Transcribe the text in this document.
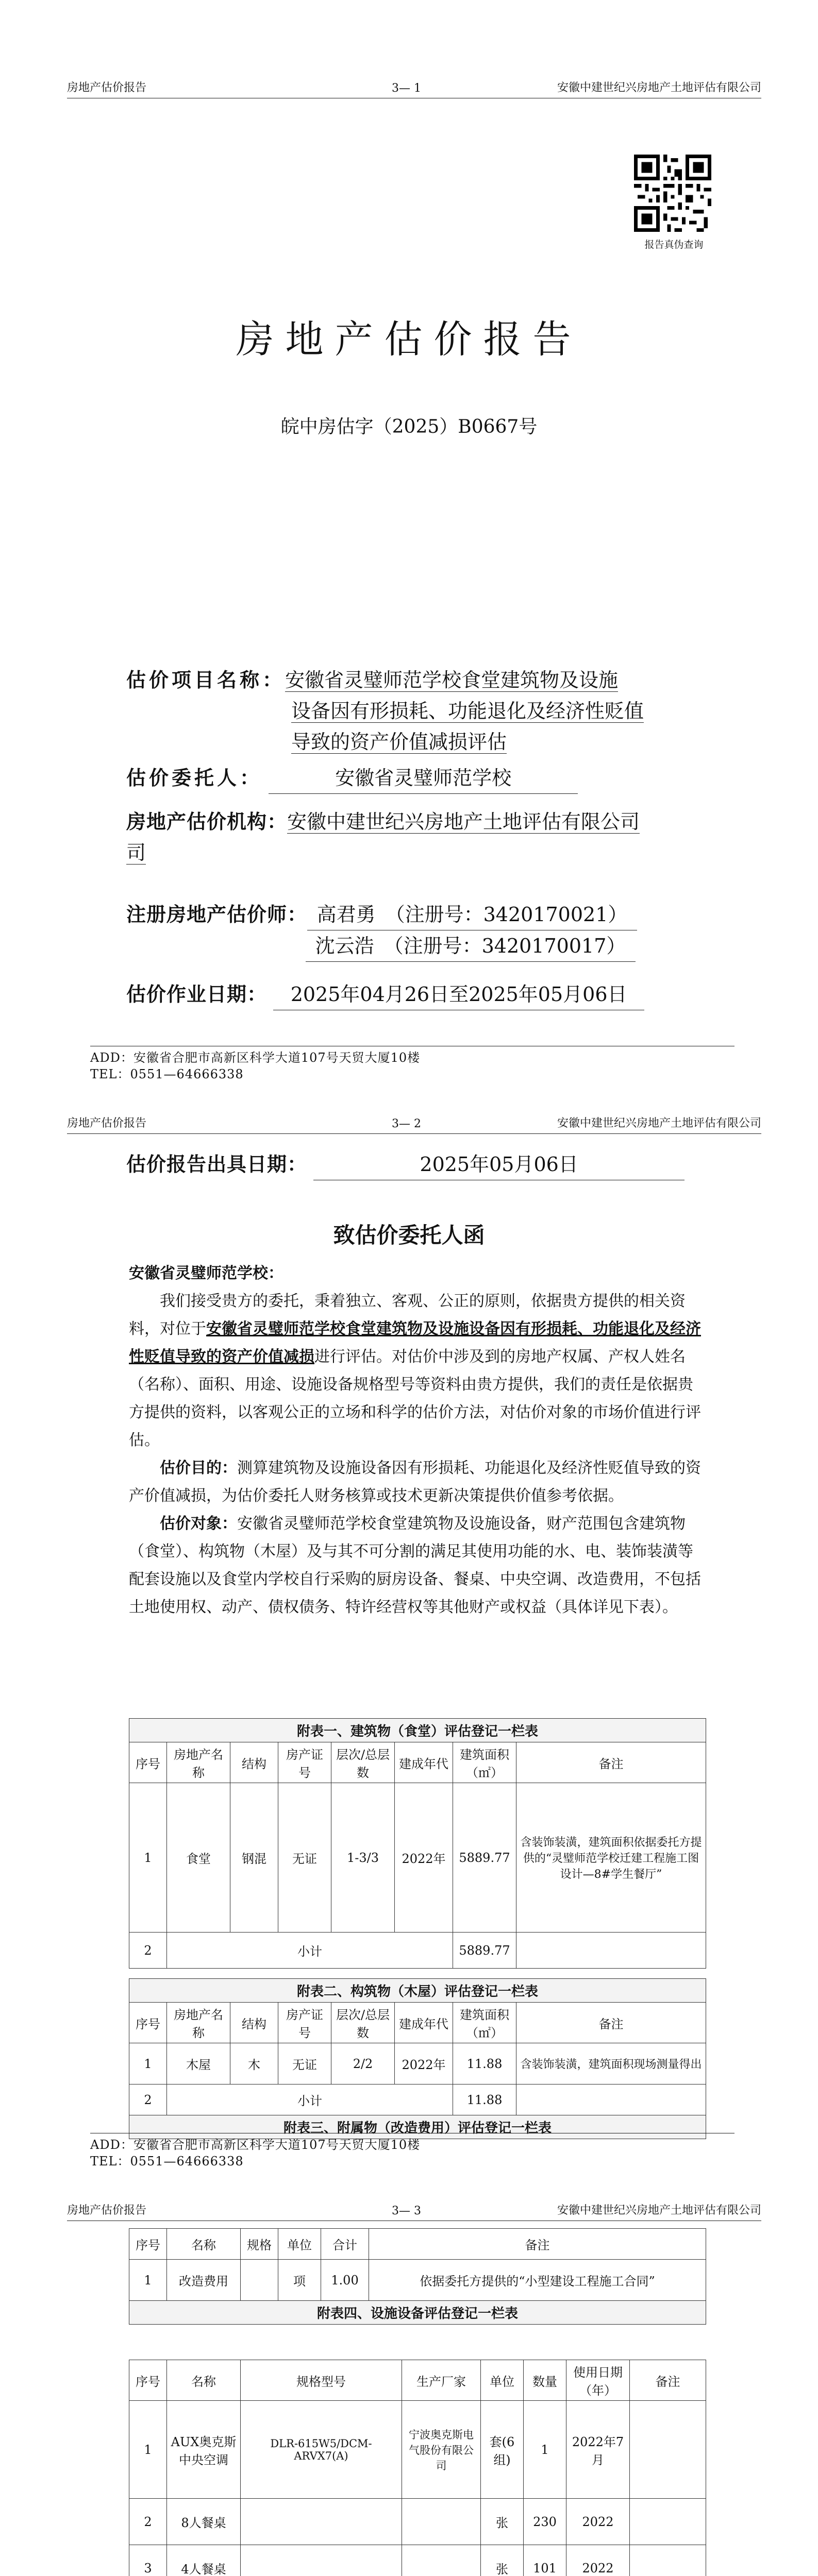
房地产估价报告	3— 1	安徽中建世纪兴房地产土地评估有限公司
报告真伪查询
房地产估价报告
皖中房估字（2025）B0667号
估价项目名称：安徽省灵璧师范学校食堂建筑物及设施
设备因有形损耗、功能退化及经济性贬值
导致的资产价值减损评估
估价委托人：	安徽省灵璧师范学校
房地产估价机构：安徽中建世纪兴房地产土地评估有限公司
司
注册房地产估价师： 高君勇　（注册号：3420170021）
沈云浩　（注册号：3420170017）
估价作业日期： 2025年04月26日至2025年05月06日
ADD：安徽省合肥市高新区科学大道107号天贸大厦10楼
TEL：0551—64666338
房地产估价报告	3— 2	安徽中建世纪兴房地产土地评估有限公司
估价报告出具日期：	2025年05月06日
致估价委托人函
安徽省灵璧师范学校：

我们接受贵方的委托，秉着独立、客观、公正的原则，依据贵方提供的相关资料，对位于安徽省灵璧师范学校食堂建筑物及设施设备因有形损耗、功能退化及经济性贬值导致的资产价值减损进行评估。对估价中涉及到的房地产权属、产权人姓名（名称）、面积、用途、设施设备规格型号等资料由贵方提供，我们的责任是依据贵方提供的资料，以客观公正的立场和科学的估价方法，对估价对象的市场价值进行评估。

估价目的：测算建筑物及设施设备因有形损耗、功能退化及经济性贬值导致的资产价值减损，为估价委托人财务核算或技术更新决策提供价值参考依据。

估价对象：安徽省灵璧师范学校食堂建筑物及设施设备，财产范围包含建筑物（食堂）、构筑物（木屋）及与其不可分割的满足其使用功能的水、电、装饰装潢等配套设施以及食堂内学校自行采购的厨房设备、餐桌、中央空调、改造费用，不包括土地使用权、动产、债权债务、特许经营权等其他财产或权益（具体详见下表）。

附表一、建筑物（食堂）评估登记一栏表							
序号	房地产名称	结构	房产证号	层次/总层数	建成年代	建筑面积（㎡）	备注
1	食堂	钢混	无证	1-3/3	2022年	5889.77	含装饰装潢，建筑面积依据委托方提供的“灵璧师范学校迁建工程施工图设计—8#学生餐厅”
2	小计					5889.77	
附表二、构筑物（木屋）评估登记一栏表							
序号	房地产名称	结构	房产证号	层次/总层数	建成年代	建筑面积（㎡）	备注
1	木屋	木	无证	2/2	2022年	11.88	含装饰装潢，建筑面积现场测量得出
2	小计					11.88	
附表三、附属物（改造费用）评估登记一栏表							
ADD：安徽省合肥市高新区科学大道107号天贸大厦10楼
TEL：0551—64666338
房地产估价报告	3— 3	安徽中建世纪兴房地产土地评估有限公司
序号	名称	规格	单位	合计	备注
1	改造费用		项	1.00	依据委托方提供的“小型建设工程施工合同”
附表四、设施设备评估登记一栏表					
序号	名称	规格型号	生产厂家	单位	数量	使用日期（年）	备注
1	AUX奥克斯中央空调	DLR-615W5/DCM-ARVX7(A)	宁波奥克斯电气股份有限公司	套(6组)	1	2022年7月	
2	8人餐桌			张	230	2022	
3	4人餐桌			张	101	2022	
